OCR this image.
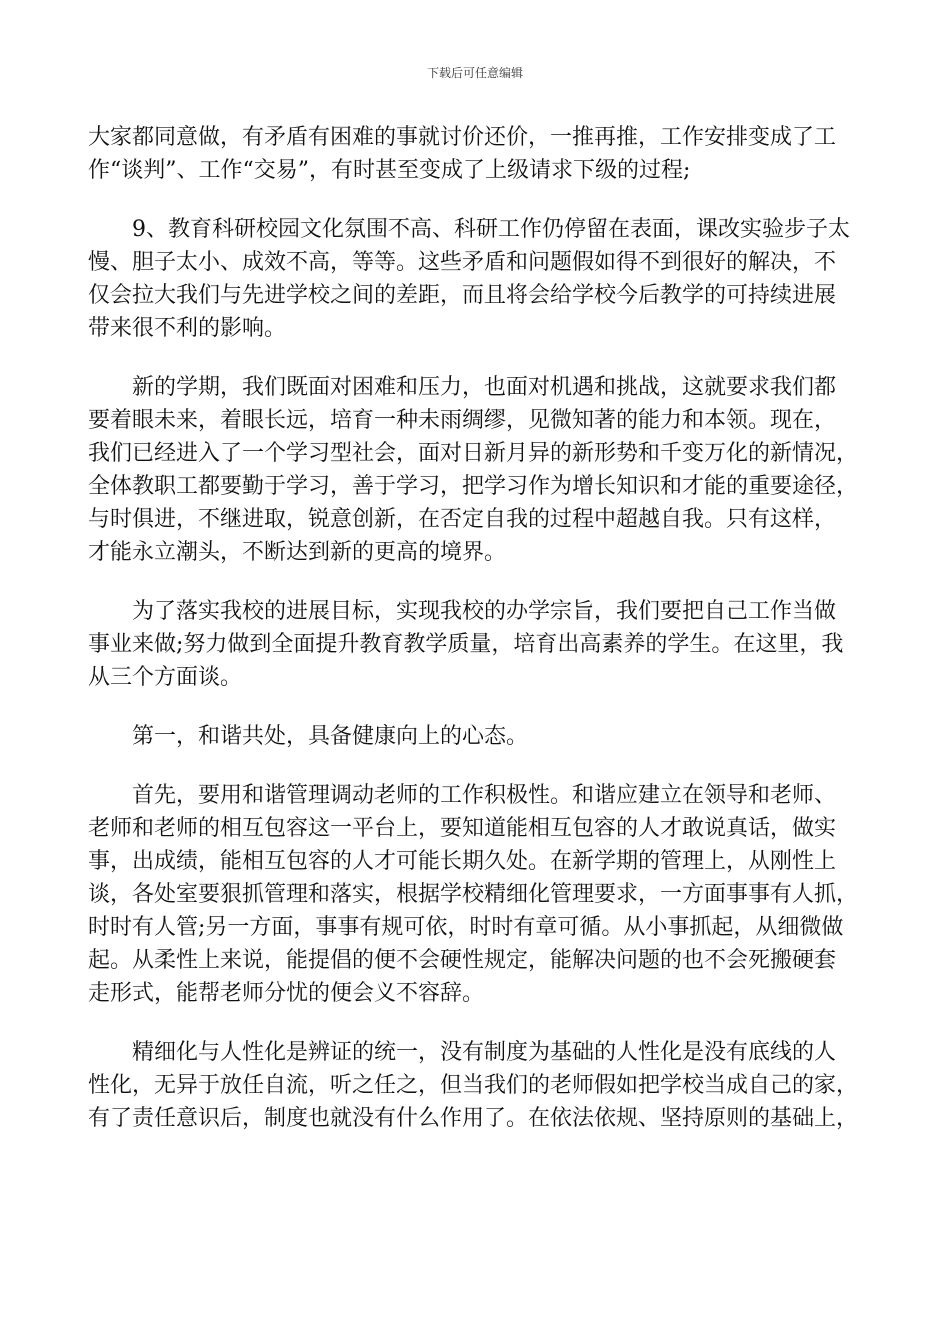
下载后可任意编辑

大家都同意做，有矛盾有困难的事就讨价还价，一推再推，工作安排变成了工
作“谈判”、工作“交易”，有时甚至变成了上级请求下级的过程;

9、教育科研校园文化氛围不高、科研工作仍停留在表面，课改实验步子太
慢、胆子太小、成效不高，等等。这些矛盾和问题假如得不到很好的解决，不
仅会拉大我们与先进学校之间的差距，而且将会给学校今后教学的可持续进展
带来很不利的影响。

新的学期，我们既面对困难和压力，也面对机遇和挑战，这就要求我们都
要着眼未来，着眼长远，培育一种未雨绸缪，见微知著的能力和本领。现在，
我们已经进入了一个学习型社会，面对日新月异的新形势和千变万化的新情况，
全体教职工都要勤于学习，善于学习，把学习作为增长知识和才能的重要途径，
与时俱进，不继进取，锐意创新，在否定自我的过程中超越自我。只有这样，
才能永立潮头，不断达到新的更高的境界。

为了落实我校的进展目标，实现我校的办学宗旨，我们要把自己工作当做
事业来做;努力做到全面提升教育教学质量，培育出高素养的学生。在这里，我
从三个方面谈。

第一，和谐共处，具备健康向上的心态。

首先，要用和谐管理调动老师的工作积极性。和谐应建立在领导和老师、
老师和老师的相互包容这一平台上，要知道能相互包容的人才敢说真话，做实
事，出成绩，能相互包容的人才可能长期久处。在新学期的管理上，从刚性上
谈，各处室要狠抓管理和落实，根据学校精细化管理要求，一方面事事有人抓，
时时有人管;另一方面，事事有规可依，时时有章可循。从小事抓起，从细微做
起。从柔性上来说，能提倡的便不会硬性规定，能解决问题的也不会死搬硬套
走形式，能帮老师分忧的便会义不容辞。

精细化与人性化是辨证的统一，没有制度为基础的人性化是没有底线的人
性化，无异于放任自流，听之任之，但当我们的老师假如把学校当成自己的家，
有了责任意识后，制度也就没有什么作用了。在依法依规、坚持原则的基础上，
